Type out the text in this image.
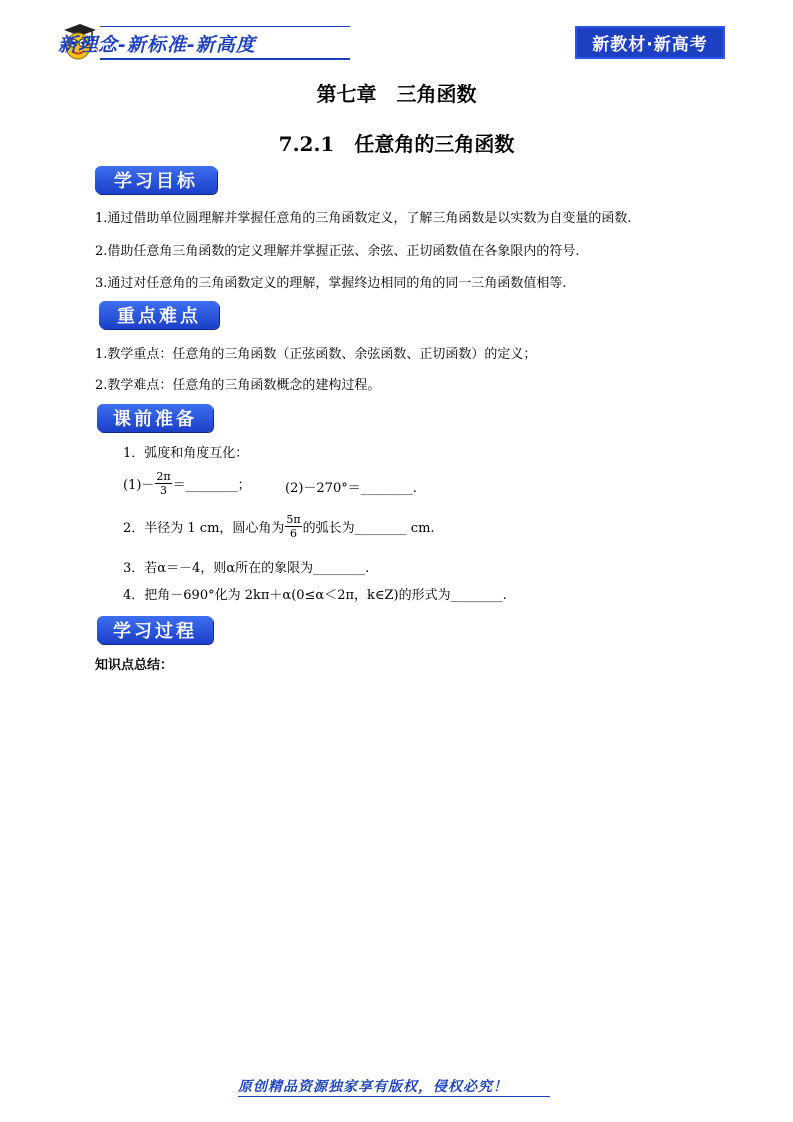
新理念-新标准-新高度	新教材·新高考
第七章　三角函数
7.2.1　任意角的三角函数
学习目标
1.通过借助单位圆理解并掌握任意角的三角函数定义，了解三角函数是以实数为自变量的函数.
2.借助任意角三角函数的定义理解并掌握正弦、余弦、正切函数值在各象限内的符号.
3.通过对任意角的三角函数定义的理解，掌握终边相同的角的同一三角函数值相等.
重点难点
1.教学重点：任意角的三角函数（正弦函数、余弦函数、正切函数）的定义；
2.教学难点：任意角的三角函数概念的建构过程。
课前准备
1．弧度和角度互化：
$(1)- \frac{2\pi}{3}$ ＝________；	(2)－270°＝________.
2．半径为 1 cm，圆心角为 $\frac{5\pi}{6}$ 的弧长为________ cm.
3．若α＝－4，则α所在的象限为________.
4．把角－690°化为 2kπ＋α(0≤α＜2π，k∈Z)的形式为________.
学习过程
知识点总结：
原创精品资源独家享有版权，侵权必究！
